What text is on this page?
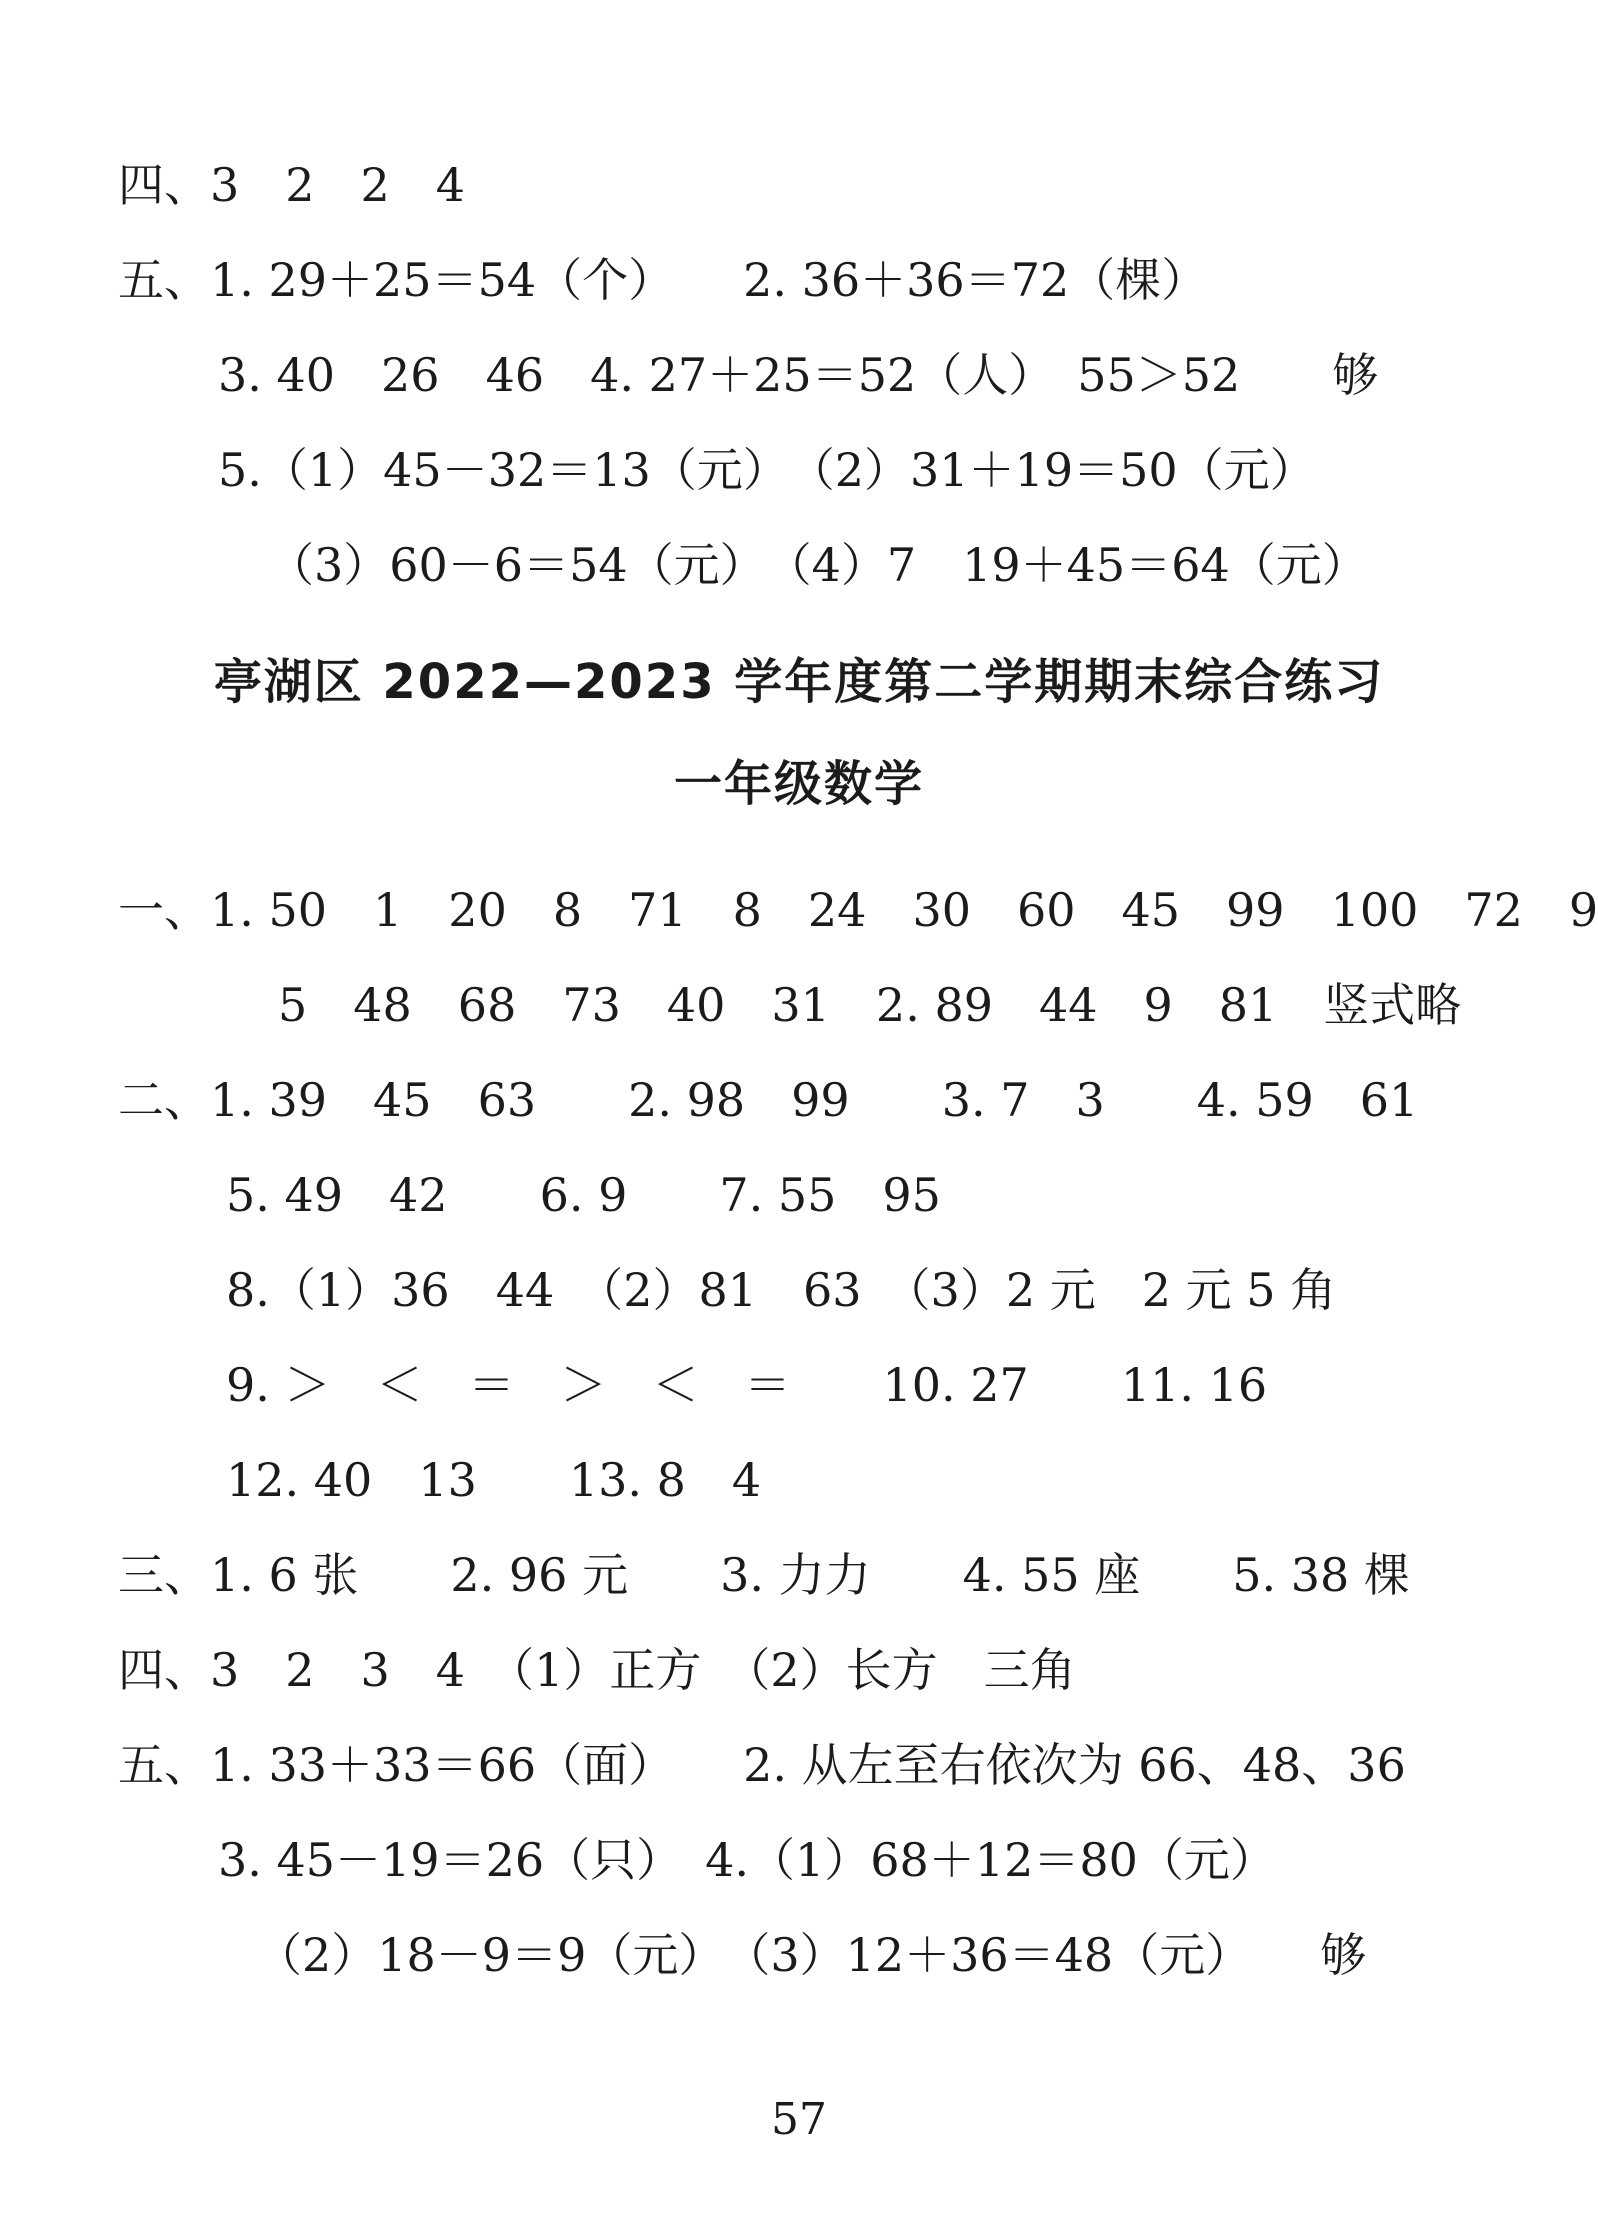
四、3　2　2　4
五、1. 29＋25＝54（个）　　2. 36＋36＝72（棵）
3. 40　26　46　4. 27＋25＝52（人）　55＞52　　够
5.（1）45－32＝13（元）　（2）31＋19＝50（元）
（3）60－6＝54（元）　（4）7　19＋45＝64（元）
亭湖区 2022—2023 学年度第二学期期末综合练习
一年级数学
一、1. 50　1　20　8　71　8　24　30　60　45　99　100　72　9
5　48　68　73　40　31　2. 89　44　9　81　竖式略
二、1. 39　45　63　　2. 98　99　　3. 7　3　　4. 59　61
5. 49　42　　6. 9　　7. 55　95
8.（1）36　44　（2）81　63　（3）2 元　2 元 5 角
9. ＞　＜　＝　＞　＜　＝　　10. 27　　11. 16
12. 40　13　　13. 8　4
三、1. 6 张　　2. 96 元　　3. 力力　　4. 55 座　　5. 38 棵
四、3　2　3　4　（1）正方　（2）长方　三角
五、1. 33＋33＝66（面）　　2. 从左至右依次为 66、48、36
3. 45－19＝26（只）　4.（1）68＋12＝80（元）
（2）18－9＝9（元）　（3）12＋36＝48（元）　　够
57
